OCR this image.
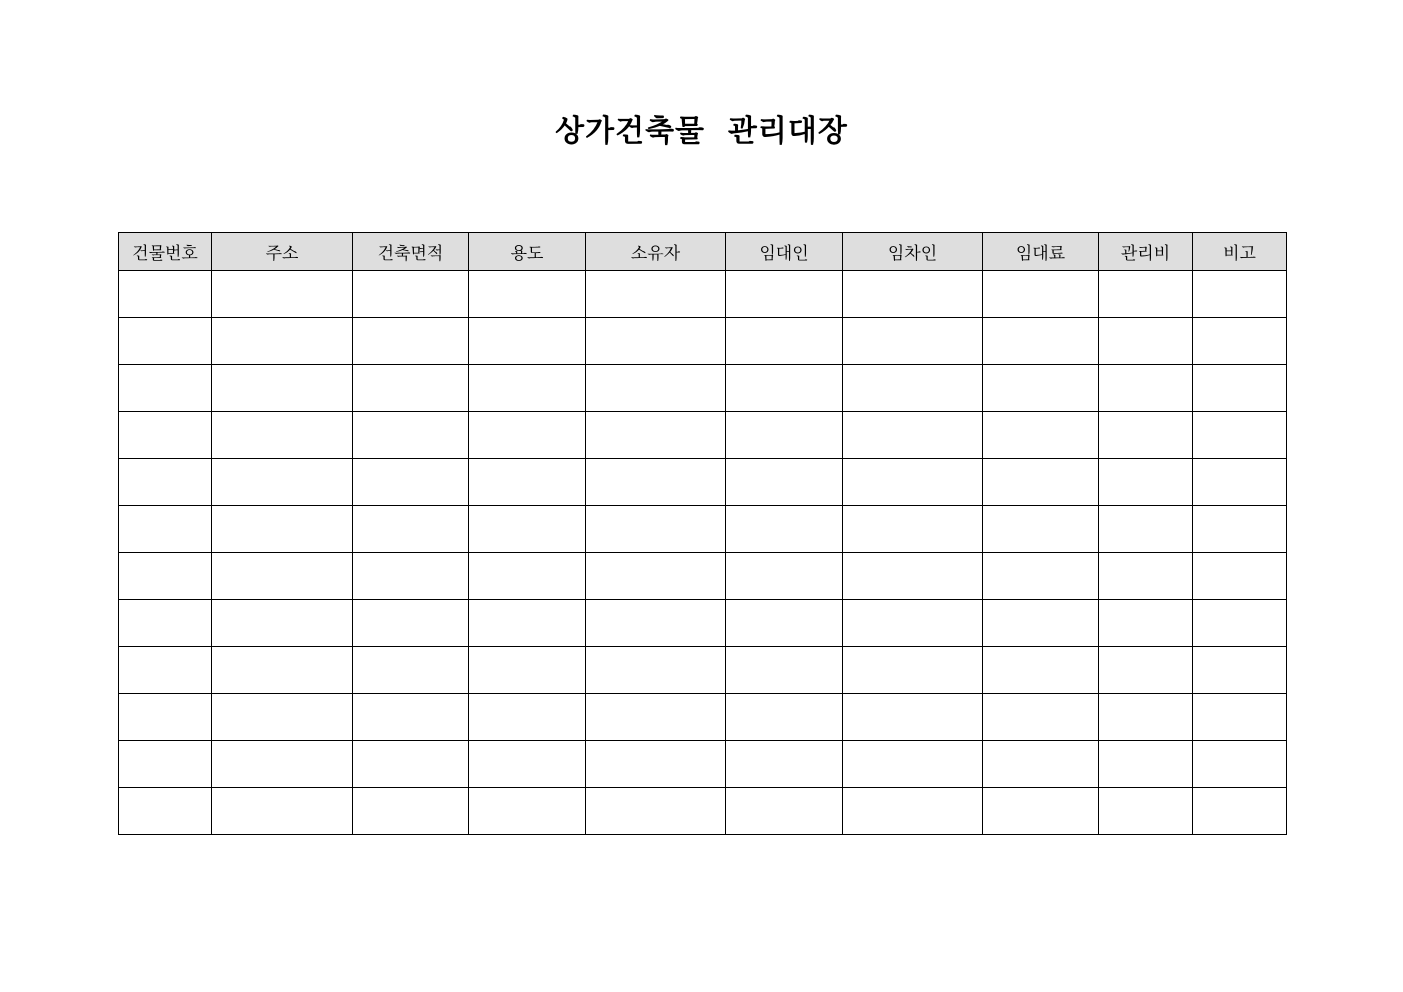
상가건축물  관리대장
건물번호	주소	건축면적	용도	소유자	임대인	임차인	임대료	관리비	비고
